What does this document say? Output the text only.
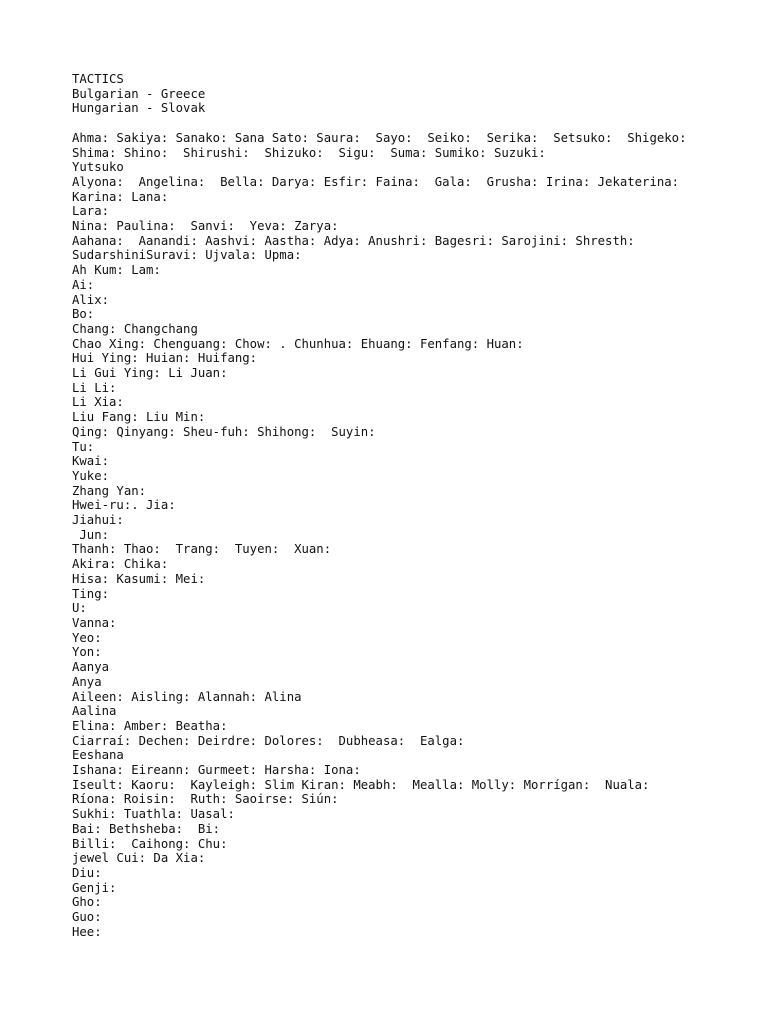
TACTICS
Bulgarian - Greece
Hungarian - Slovak
Ahma: Sakiya: Sanako: Sana Sato: Saura:  Sayo:  Seiko:  Serika:  Setsuko:  Shigeko:
Shima: Shino:  Shirushi:  Shizuko:  Sigu:  Suma: Sumiko: Suzuki:
Yutsuko
Alyona:  Angelina:  Bella: Darya: Esfir: Faina:  Gala:  Grusha: Irina: Jekaterina:
Karina: Lana:
Lara:
Nina: Paulina:  Sanvi:  Yeva: Zarya:
Aahana:  Aanandi: Aashvi: Aastha: Adya: Anushri: Bagesri: Sarojini: Shresth:
SudarshiniSuravi: Ujvala: Upma:
Ah Kum: Lam:
Ai:
Alix:
Bo:
Chang: Changchang
Chao Xing: Chenguang: Chow: . Chunhua: Ehuang: Fenfang: Huan:
Hui Ying: Huian: Huifang:
Li Gui Ying: Li Juan:
Li Li:
Li Xia:
Liu Fang: Liu Min:
Qing: Qinyang: Sheu-fuh: Shihong:  Suyin:
Tu:
Kwai:
Yuke:
Zhang Yan:
Hwei-ru:. Jia:
Jiahui:
Jun:
Thanh: Thao:  Trang:  Tuyen:  Xuan:
Akira: Chika:
Hisa: Kasumi: Mei:
Ting:
U:
Vanna:
Yeo:
Yon:
Aanya
Anya
Aileen: Aisling: Alannah: Alina
Aalina
Elina: Amber: Beatha:
Ciarraí: Dechen: Deirdre: Dolores:  Dubheasa:  Ealga:
Eeshana
Ishana: Eireann: Gurmeet: Harsha: Iona:
Iseult: Kaoru:  Kayleigh: Slim Kiran: Meabh:  Mealla: Molly: Morrígan:  Nuala:
Ríona: Roisin:  Ruth: Saoirse: Siún:
Sukhi: Tuathla: Uasal:
Bai: Bethsheba:  Bi:
Billi:  Caihong: Chu:
jewel Cui: Da Xia:
Diu:
Genji:
Gho:
Guo:
Hee:
